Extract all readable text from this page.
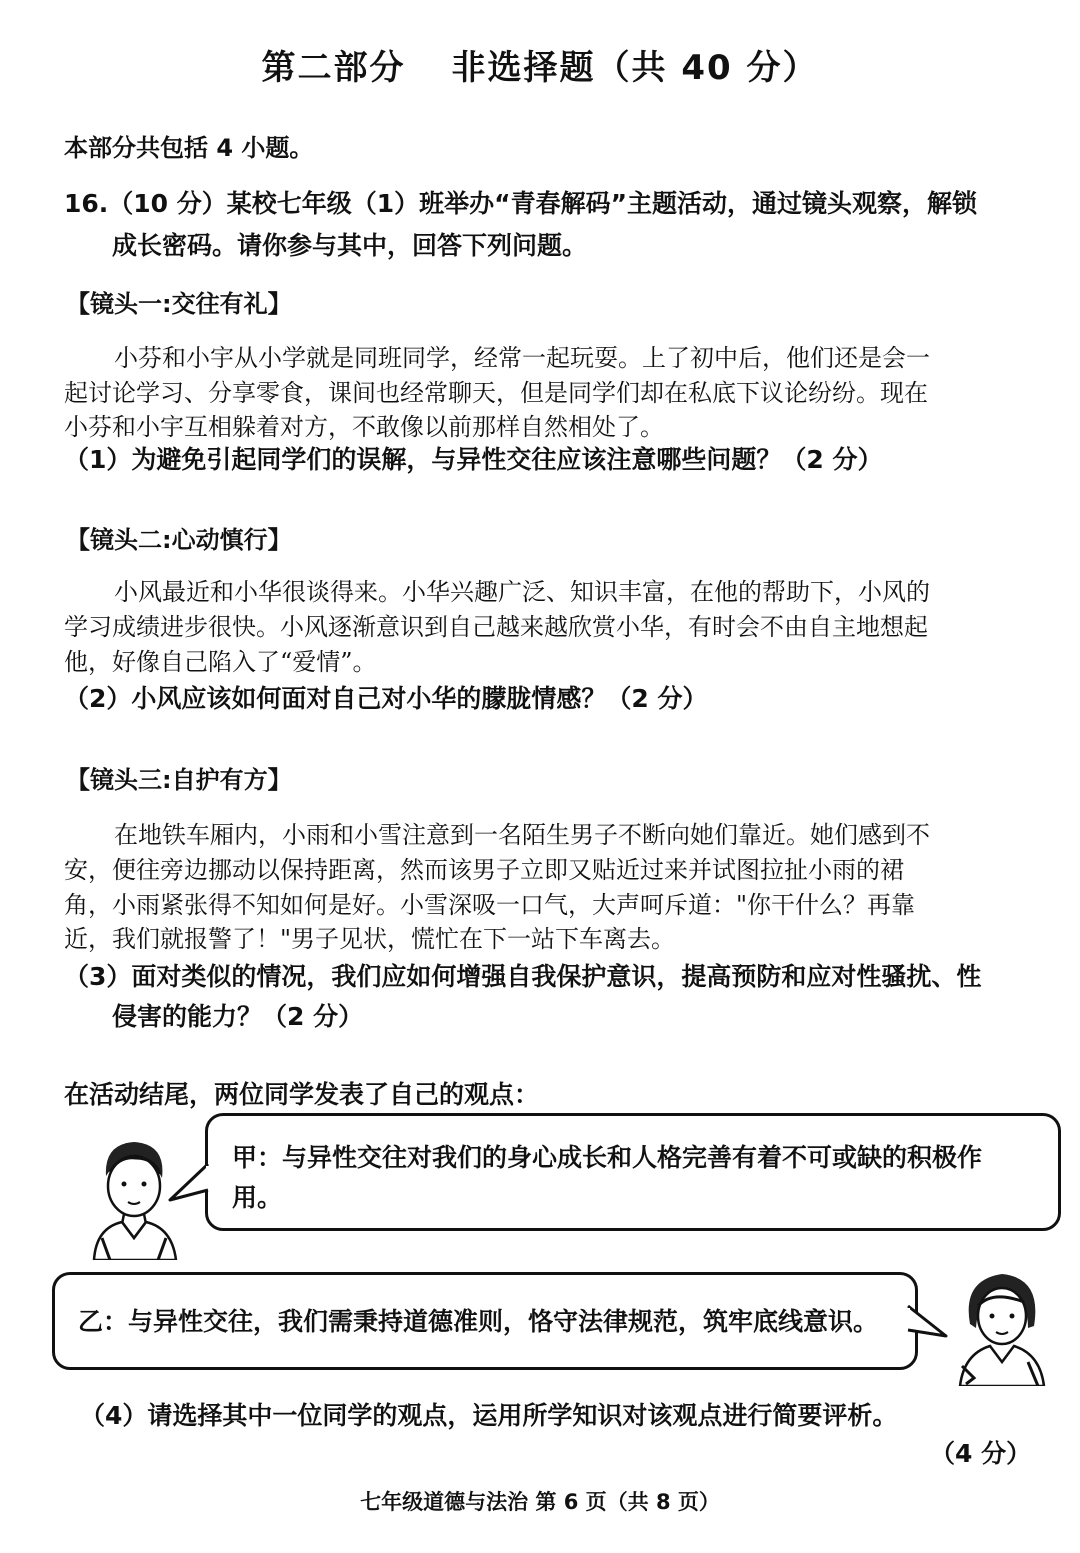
第二部分 非选择题（共 40 分）

本部分共包括 4 小题。

16.（10 分）某校七年级（1）班举办“青春解码”主题活动，通过镜头观察，解锁

成长密码。请你参与其中，回答下列问题。

【镜头一:交往有礼】

小芬和小宇从小学就是同班同学，经常一起玩耍。上了初中后，他们还是会一

起讨论学习、分享零食，课间也经常聊天，但是同学们却在私底下议论纷纷。现在

小芬和小宇互相躲着对方，不敢像以前那样自然相处了。

（1）为避免引起同学们的误解，与异性交往应该注意哪些问题？（2 分）

【镜头二:心动慎行】

小风最近和小华很谈得来。小华兴趣广泛、知识丰富，在他的帮助下，小风的

学习成绩进步很快。小风逐渐意识到自己越来越欣赏小华，有时会不由自主地想起

他，好像自己陷入了“爱情”。

（2）小风应该如何面对自己对小华的朦胧情感？（2 分）

【镜头三:自护有方】

在地铁车厢内，小雨和小雪注意到一名陌生男子不断向她们靠近。她们感到不

安，便往旁边挪动以保持距离，然而该男子立即又贴近过来并试图拉扯小雨的裙

角，小雨紧张得不知如何是好。小雪深吸一口气，大声呵斥道："你干什么？再靠

近，我们就报警了！"男子见状，慌忙在下一站下车离去。

（3）面对类似的情况，我们应如何增强自我保护意识，提高预防和应对性骚扰、性

侵害的能力？（2 分）

在活动结尾，两位同学发表了自己的观点：

甲：与异性交往对我们的身心成长和人格完善有着不可或缺的积极作

用。

乙：与异性交往，我们需秉持道德准则，恪守法律规范，筑牢底线意识。

（4）请选择其中一位同学的观点，运用所学知识对该观点进行简要评析。

（4 分）

七年级道德与法治 第 6 页（共 8 页）
